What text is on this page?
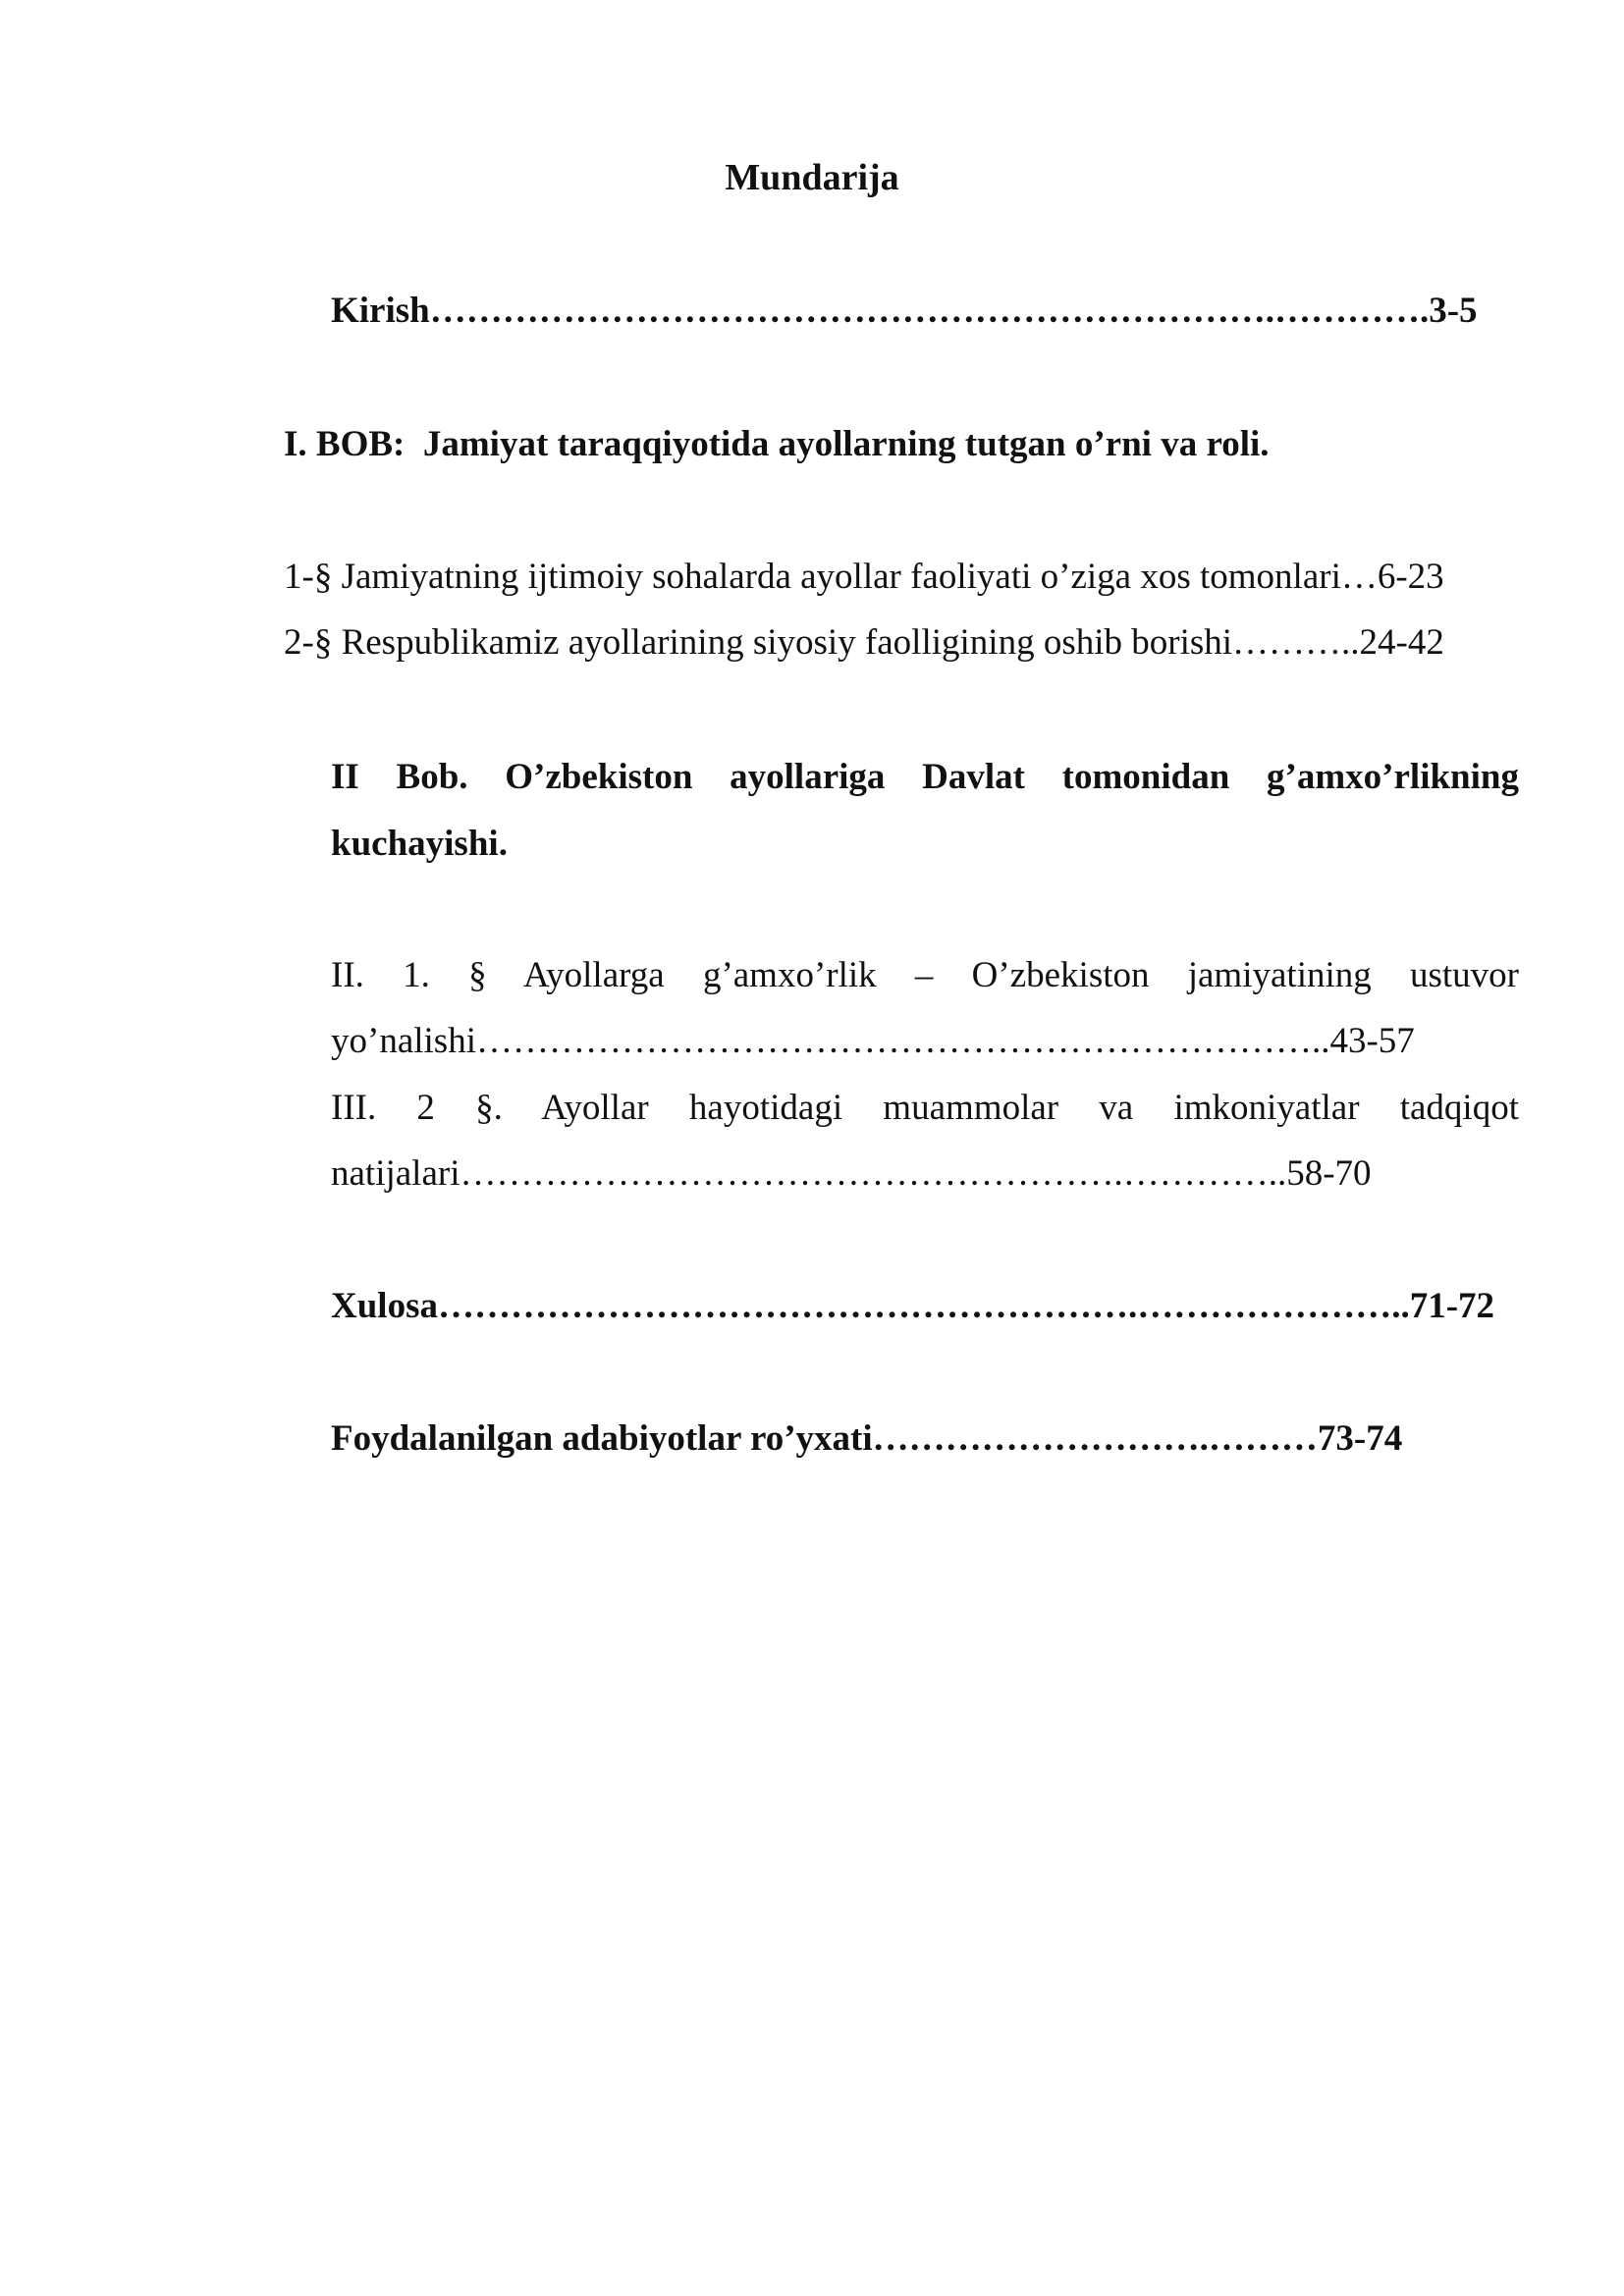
Mundarija
Kirish…………………………………………………………….………….3-5
I. BOB:  Jamiyat taraqqiyotida ayollarning tutgan o’rni va roli.
1-§ Jamiyatning ijtimoiy sohalarda ayollar faoliyati o’ziga xos tomonlari…6-23
2-§ Respublikamiz ayollarining siyosiy faolligining oshib borishi………..24-42
II Bob. O’zbekiston ayollariga Davlat tomonidan g’amxo’rlikning
kuchayishi.
II. 1. § Ayollarga g’amxo’rlik – O’zbekiston jamiyatining ustuvor
yo’nalishi……………………………………………………………..43-57
III. 2 §. Ayollar hayotidagi muammolar va imkoniyatlar tadqiqot
natijalari……………………………………………….…………..58-70
Xulosa………………………………………………….…………………..71-72
Foydalanilgan adabiyotlar ro’yxati……………………….………73-74
